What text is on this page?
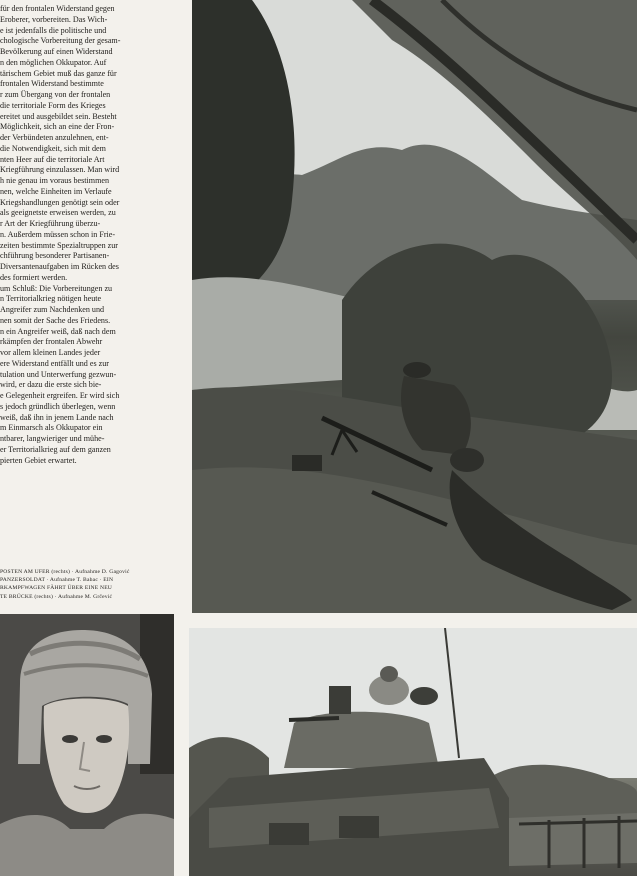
für den frontalen Widerstand gegen

Eroberer, vorbereiten. Das Wich-

e ist jedenfalls die politische und

chologische Vorbereitung der gesam-

Bevölkerung auf einen Widerstand

n den möglichen Okkupator. Auf

tärischem Gebiet muß das ganze für

frontalen Widerstand bestimmte

r zum Übergang von der frontalen

die territoriale Form des Krieges

ereitet und ausgebildet sein. Besteht

Möglichkeit, sich an eine der Fron-

der Verbündeten anzulehnen, ent-

die Notwendigkeit, sich mit dem

nten Heer auf die territoriale Art

Kriegführung einzulassen. Man wird

h nie genau im voraus bestimmen

nen, welche Einheiten im Verlaufe

Kriegshandlungen genötigt sein oder

als geeignetste erweisen werden, zu

r Art der Kriegführung überzu-

n. Außerdem müssen schon in Frie-

zeiten bestimmte Spezialtruppen zur

chführung besonderer Partisanen-

Diversantenaufgaben im Rücken des

des formiert werden.

um Schluß: Die Vorbereitungen zu

n Territorialkrieg nötigen heute

Angreifer zum Nachdenken und

nen somit der Sache des Friedens.

n ein Angreifer weiß, daß nach dem

rkämpfen der frontalen Abwehr

vor allem kleinen Landes jeder

ere Widerstand entfällt und es zur

tulation und Unterwerfung gezwun-

wird, er dazu die erste sich bie-

e Gelegenheit ergreifen. Er wird sich

s jedoch gründlich überlegen, wenn

weiß, daß ihn in jenem Lande nach

m Einmarsch als Okkupator ein

ntbarer, langwieriger und mühe-

er Territorialkrieg auf dem ganzen

pierten Gebiet erwartet.

POSTEN AM UFER (rechts) · Aufnahme D. Gagović

PANZERSOLDAT · Aufnahme T. Babac · EIN

RKAMPFWAGEN FÄHRT ÜBER EINE NEU

TE BRÜCKE (rechts) · Aufnahme M. Grčević
